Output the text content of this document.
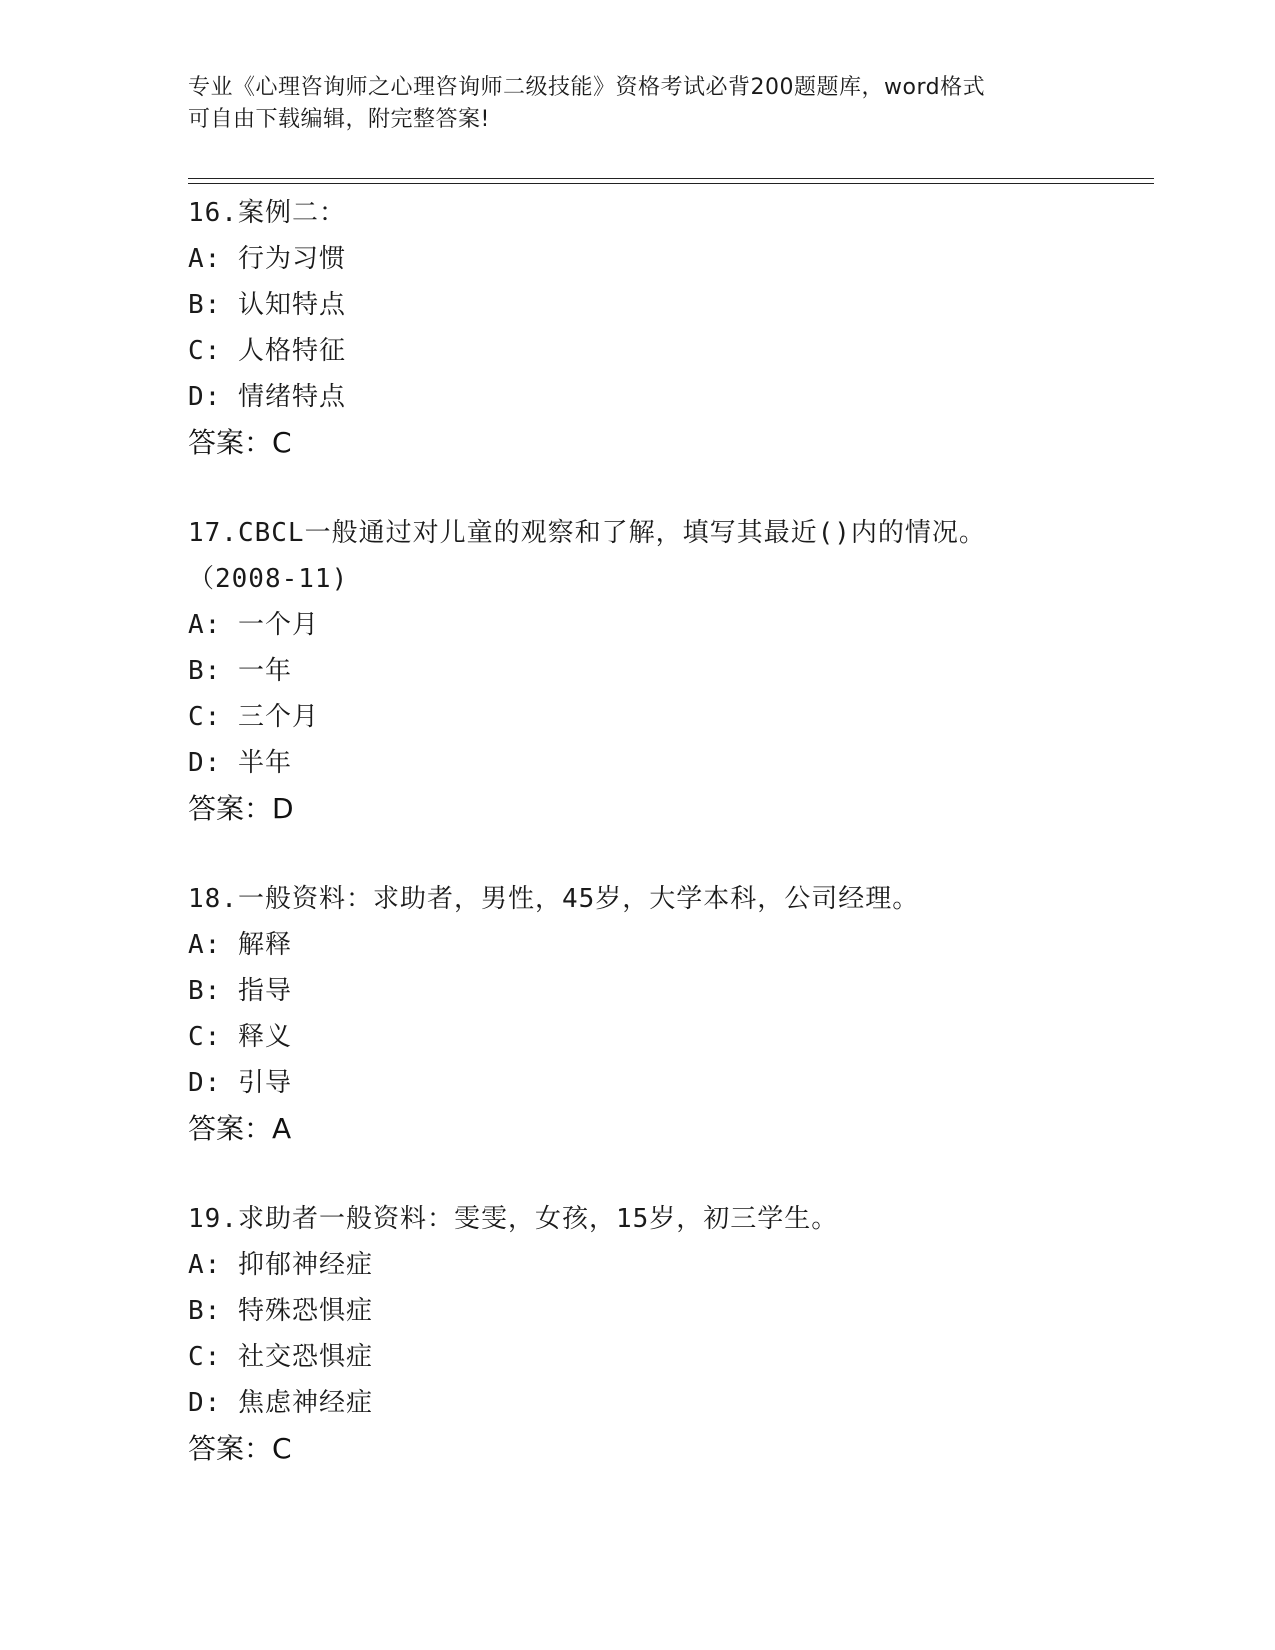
专业《心理咨询师之心理咨询师二级技能》资格考试必背200题题库，word格式
可自由下载编辑，附完整答案!
16.案例二：
A: 行为习惯
B: 认知特点
C: 人格特征
D: 情绪特点
答案：C
17.CBCL一般通过对儿童的观察和了解，填写其最近()内的情况。（2008-11)
A: 一个月
B: 一年
C: 三个月
D: 半年
答案：D
18.一般资料：求助者，男性，45岁，大学本科，公司经理。
A: 解释
B: 指导
C: 释义
D: 引导
答案：A
19.求助者一般资料：雯雯，女孩，15岁，初三学生。
A: 抑郁神经症
B: 特殊恐惧症
C: 社交恐惧症
D: 焦虑神经症
答案：C
